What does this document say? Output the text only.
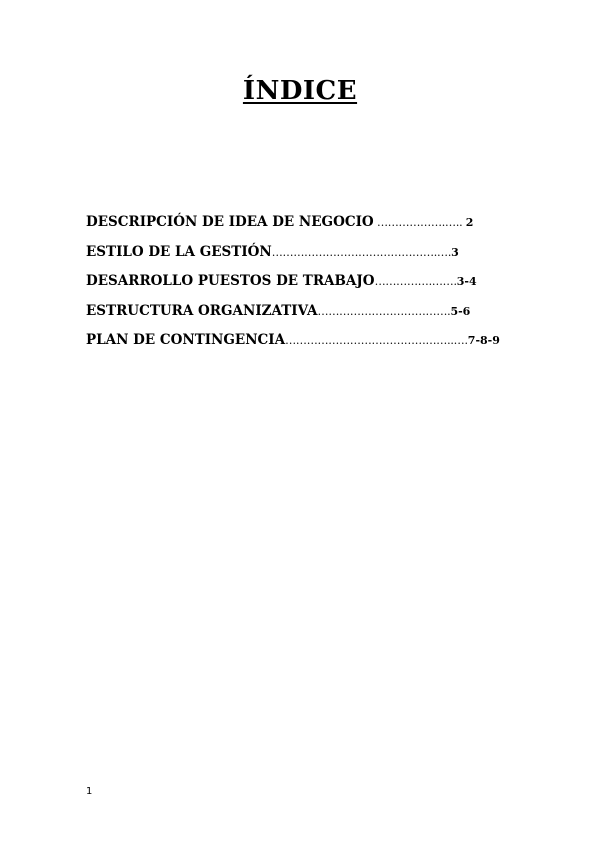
ÍNDICE
DESCRIPCIÓN DE IDEA DE NEGOCIO ……………….….. 2
ESTILO DE LA GESTIÓN……………………………………….….3
DESARROLLO PUESTOS DE TRABAJO…………….…….3-4
ESTRUCTURA ORGANIZATIVA……………………………….5-6
PLAN DE CONTINGENCIA………………………………………..….7-8-9
1
